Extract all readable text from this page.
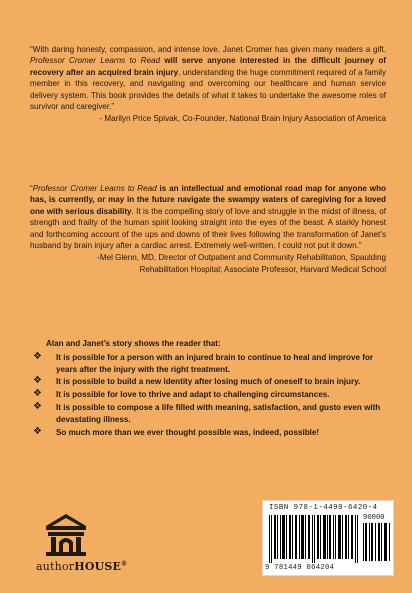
“With daring honesty, compassion, and intense love, Janet Cromer has given many readers a gift. Professor Cromer Learns to Read will serve anyone interested in the difficult journey of recovery after an acquired brain injury, understanding the huge commitment required of a family member in this recovery, and navigating and overcoming our healthcare and human service delivery system. This book provides the details of what it takes to undertake the awesome roles of survivor and caregiver.”
- Marilyn Price Spivak, Co-Founder, National Brain Injury Association of America
“Professor Cromer Learns to Read is an intellectual and emotional road map for anyone who has, is currently, or may in the future navigate the swampy waters of caregiving for a loved one with serious disability. It is the compelling story of love and struggle in the midst of illness, of strength and frailty of the human spirit looking straight into the eyes of the beast. A starkly honest and forthcoming account of the ups and downs of their lives following the transformation of Janet’s husband by brain injury after a cardiac arrest. Extremely well-written, I could not put it down.”
-Mel Glenn, MD, Director of Outpatient and Community Rehabilitation, Spaulding
Rehabilitation Hospital; Associate Professor, Harvard Medical School
Alan and Janet’s story shows the reader that:
❖ It is possible for a person with an injured brain to continue to heal and improve for years after the injury with the right treatment.
❖ It is possible to build a new identity after losing much of oneself to brain injury.
❖ It is possible for love to thrive and adapt to challenging circumstances.
❖ It is possible to compose a life filled with meaning, satisfaction, and gusto even with devastating illness.
❖ So much more than we ever thought possible was, indeed, possible!
authorHOUSE®
ISBN 978-1-4490-6420-4
90000
9 781449 064204
